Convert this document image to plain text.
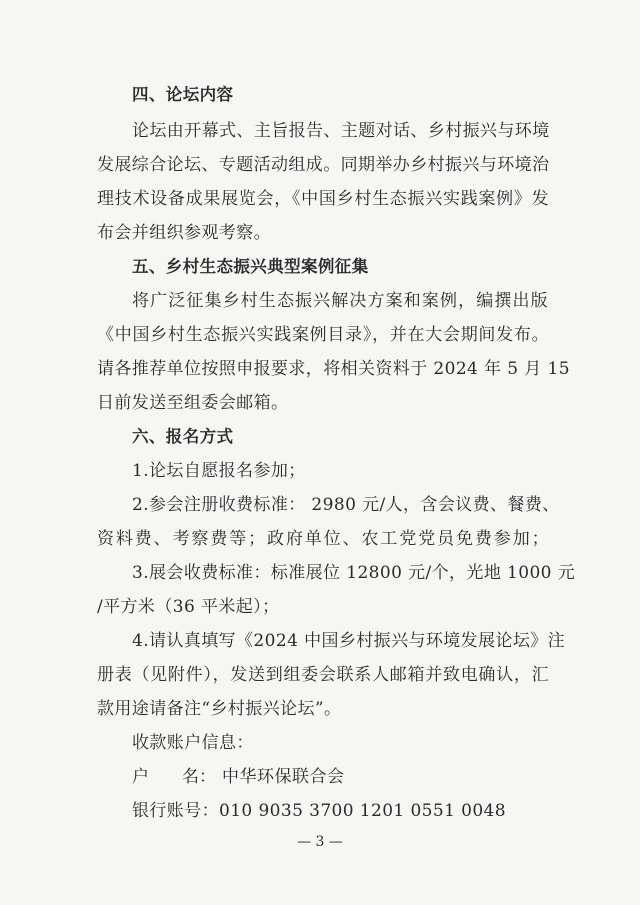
四、论坛内容
论坛由开幕式、主旨报告、主题对话、乡村振兴与环境
发展综合论坛、专题活动组成。同期举办乡村振兴与环境治
理技术设备成果展览会，《中国乡村生态振兴实践案例》发
布会并组织参观考察。
五、乡村生态振兴典型案例征集
将广泛征集乡村生态振兴解决方案和案例，编撰出版
《中国乡村生态振兴实践案例目录》，并在大会期间发布。
请各推荐单位按照申报要求，将相关资料于 2024 年 5 月 15
日前发送至组委会邮箱。
六、报名方式
1.论坛自愿报名参加；
2.参会注册收费标准： 2980 元/人，含会议费、餐费、
资料费、考察费等；政府单位、农工党党员免费参加；
3.展会收费标准：标准展位 12800 元/个，光地 1000 元
/平方米（36 平米起）；
4.请认真填写《2024 中国乡村振兴与环境发展论坛》注
册表（见附件），发送到组委会联系人邮箱并致电确认，汇
款用途请备注“乡村振兴论坛”。
收款账户信息：
户 名： 中华环保联合会
银行账号：010 9035 3700 1201 0551 0048
— 3 —
